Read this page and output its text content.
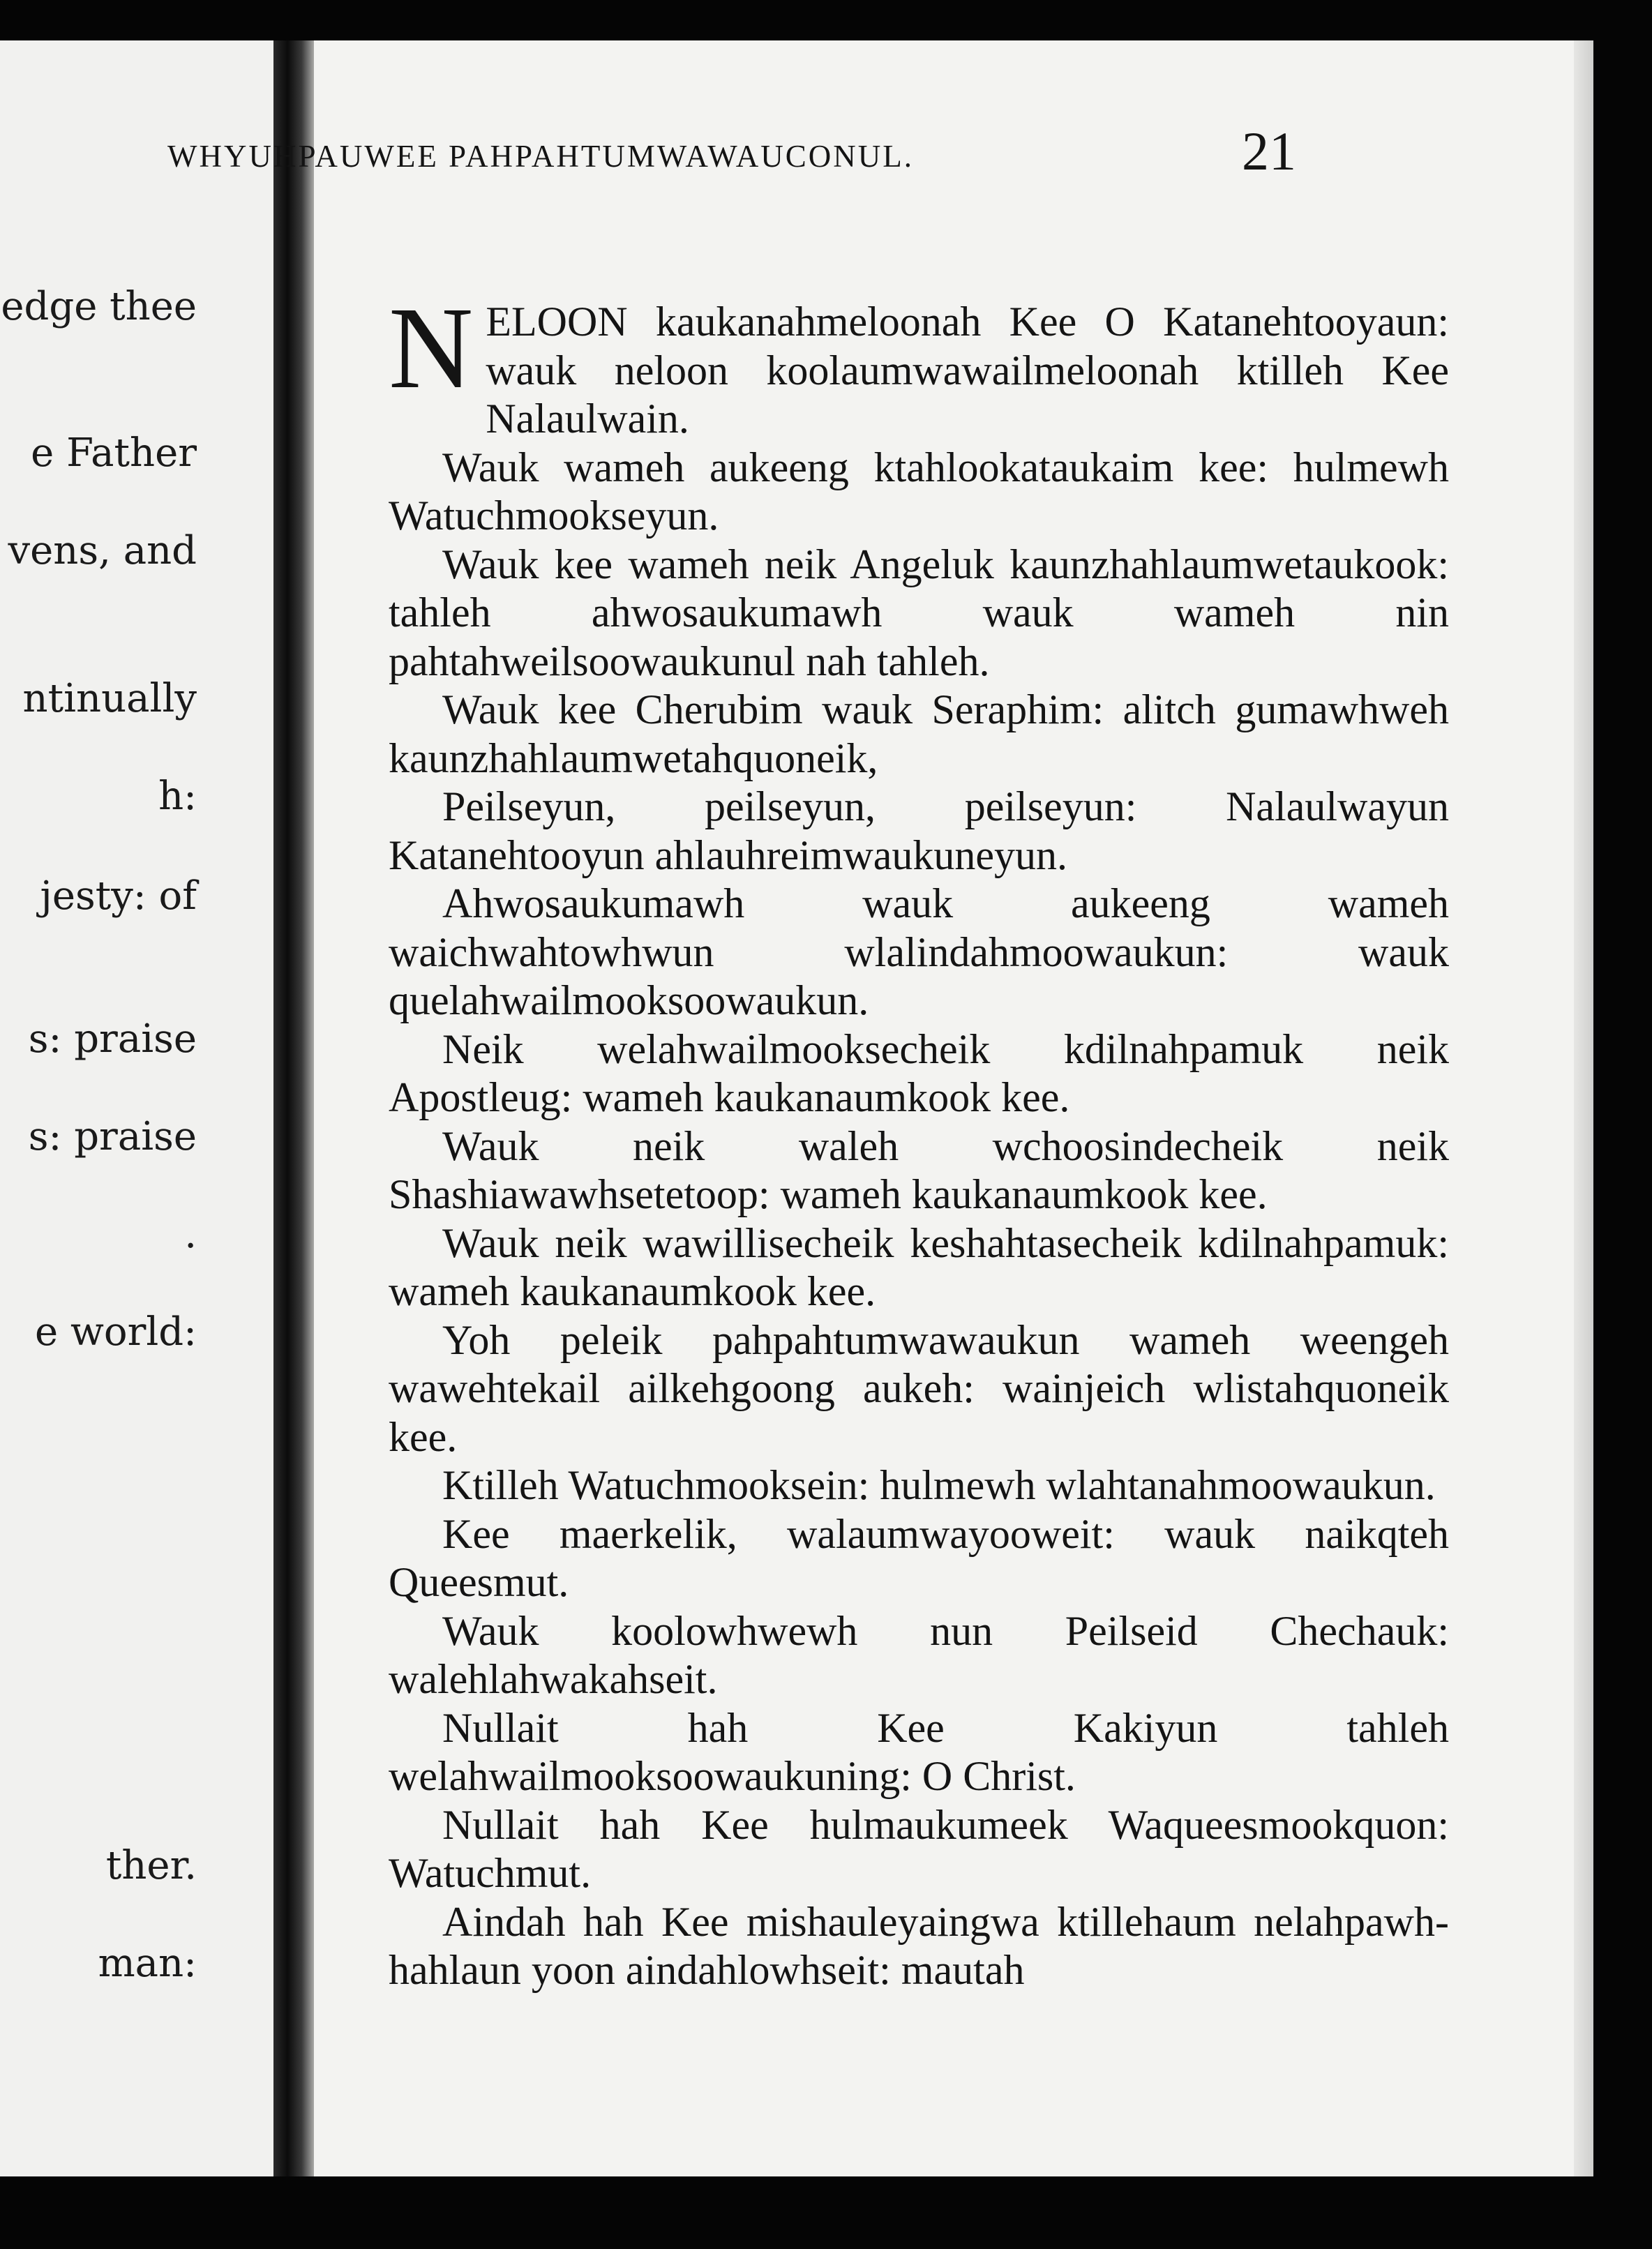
edge thee
e Father
vens, and
ntinually
h:
jesty: of
s: praise
s: praise
.
e world:
ther.
man:
WHYUHPAUWEE PAHPAHTUMWAWAUCONUL.	21

NELOON kaukanahmeloonah Kee O Katanehtooyaun: wauk neloon koolaumwawailmeloonah ktilleh Kee Nalaulwain.

Wauk wameh aukeeng ktahlookataukaim kee: hulmewh Watuchmookseyun.

Wauk kee wameh neik Angeluk kaunzhahlaumwetaukook: tahleh ahwosaukumawh wauk wameh nin pahtahweilsoowaukunul nah tahleh.

Wauk kee Cherubim wauk Seraphim: alitch gumawhweh kaunzhahlaumwetahquoneik,

Peilseyun, peilseyun, peilseyun: Nalaulwayun Katanehtooyun ahlauhreimwaukuneyun.

Ahwosaukumawh wauk aukeeng wameh waichwahtowhwun wlalindahmoowaukun: wauk quelahwailmooksoowaukun.

Neik welahwailmooksecheik kdilnahpamuk neik Apostleug: wameh kaukanaumkook kee.

Wauk neik waleh wchoosindecheik neik Shashiawawhsetetoop: wameh kaukanaumkook kee.

Wauk neik wawillisecheik keshahtasecheik kdilnahpamuk: wameh kaukanaumkook kee.

Yoh peleik pahpahtumwawaukun wameh weengeh wawehtekail ailkehgoong aukeh: wainjeich wlistahquoneik kee.

Ktilleh Watuchmooksein: hulmewh wlahtanahmoowaukun.

Kee maerkelik, walaumwayooweit: wauk naikqteh Queesmut.

Wauk koolowhwewh nun Peilseid Chechauk: walehlahwakahseit.

Nullait hah Kee Kakiyun tahleh welahwailmooksoowaukuning: O Christ.

Nullait hah Kee hulmaukumeek Waqueesmookquon: Watuchmut.

Aindah hah Kee mishauleyaingwa ktillehaum nelahpawh-hahlaun yoon aindahlowhseit: mautah
